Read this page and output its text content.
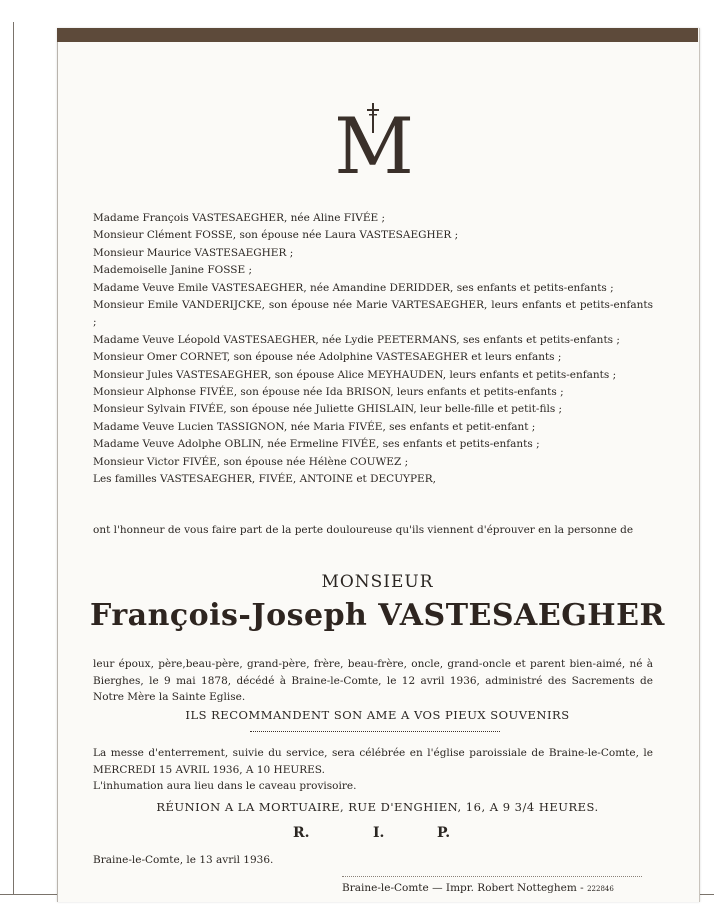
M
Madame François VASTESAEGHER, née Aline FIVÉE ;
Monsieur Clément FOSSE, son épouse née Laura VASTESAEGHER ;
Monsieur Maurice VASTESAEGHER ;
Mademoiselle Janine FOSSE ;
Madame Veuve Emile VASTESAEGHER, née Amandine DERIDDER, ses enfants et petits-enfants ;
Monsieur Emile VANDERIJCKE, son épouse née Marie VARTESAEGHER, leurs enfants et petits-enfants ;
Madame Veuve Léopold VASTESAEGHER, née Lydie PEETERMANS, ses enfants et petits-enfants ;
Monsieur Omer CORNET, son épouse née Adolphine VASTESAEGHER et leurs enfants ;
Monsieur Jules VASTESAEGHER, son épouse Alice MEYHAUDEN, leurs enfants et petits-enfants ;
Monsieur Alphonse FIVÉE, son épouse née Ida BRISON, leurs enfants et petits-enfants ;
Monsieur Sylvain FIVÉE, son épouse née Juliette GHISLAIN, leur belle-fille et petit-fils ;
Madame Veuve Lucien TASSIGNON, née Maria FIVÉE, ses enfants et petit-enfant ;
Madame Veuve Adolphe OBLIN, née Ermeline FIVÉE, ses enfants et petits-enfants ;
Monsieur Victor FIVÉE, son épouse née Hélène COUWEZ ;
Les familles VASTESAEGHER, FIVÉE, ANTOINE et DECUYPER,
ont l'honneur de vous faire part de la perte douloureuse qu'ils viennent d'éprouver en la personne de
MONSIEUR
François-Joseph VASTESAEGHER
leur époux, père,beau-père, grand-père, frère, beau-frère, oncle, grand-oncle et parent bien-aimé, né à Bierghes, le 9 mai 1878, décédé à Braine-le-Comte, le 12 avril 1936, administré des Sacrements de Notre Mère la Sainte Eglise.
ILS RECOMMANDENT SON AME A VOS PIEUX SOUVENIRS
La messe d'enterrement, suivie du service, sera célébrée en l'église paroissiale de Braine-le-Comte, le MERCREDI 15 AVRIL 1936, A 10 HEURES.
L'inhumation aura lieu dans le caveau provisoire.
RÉUNION A LA MORTUAIRE, RUE D'ENGHIEN, 16, A 9 3/4 HEURES.
R.	I.	P.
Braine-le-Comte, le 13 avril 1936.
Braine-le-Comte — Impr. Robert Notteghem - 222846
